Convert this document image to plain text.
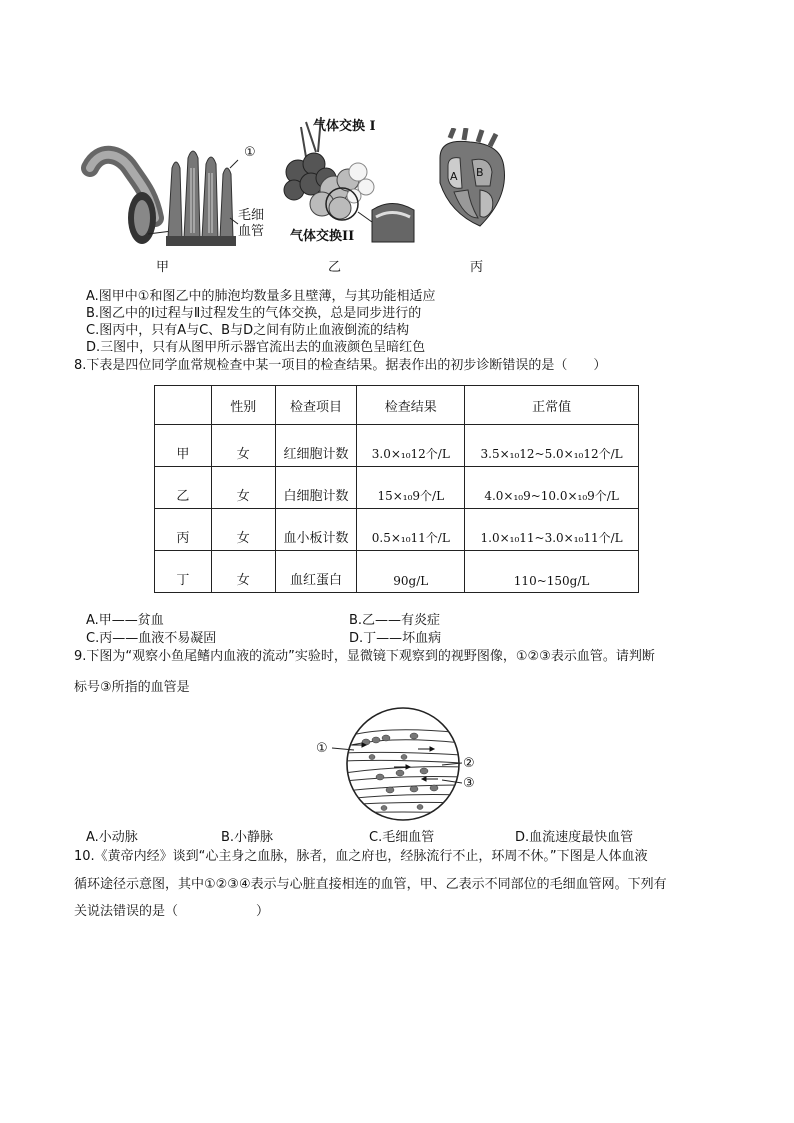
①
毛细
血管
气体交换 I
气体交换II
A B
甲	乙	丙
A.图甲中①和图乙中的肺泡均数量多且壁薄，与其功能相适应
B.图乙中的Ⅰ过程与Ⅱ过程发生的气体交换，总是同步进行的
C.图丙中，只有A与C、B与D之间有防止血液倒流的结构
D.三图中，只有从图甲所示器官流出去的血液颜色呈暗红色
8.下表是四位同学血常规检查中某一项目的检查结果。据表作出的初步诊断错误的是（　　）
	性别	检查项目	检查结果	正常值
甲	女	红细胞计数	3.0×₁₀12个/L	3.5×₁₀12~5.0×₁₀12个/L
乙	女	白细胞计数	15×₁₀9个/L	4.0×₁₀9~10.0×₁₀9个/L
丙	女	血小板计数	0.5×₁₀11个/L	1.0×₁₀11~3.0×₁₀11个/L
丁	女	血红蛋白	90g/L	110~150g/L
A.甲——贫血	B.乙——有炎症
C.丙——血液不易凝固	D.丁——坏血病
9.下图为“观察小鱼尾鳍内血液的流动”实验时，显微镜下观察到的视野图像，①②③表示血管。请判断
标号③所指的血管是
①
②
③
A.小动脉	B.小静脉	C.毛细血管	D.血流速度最快血管
10.《黄帝内经》谈到“心主身之血脉，脉者，血之府也，经脉流行不止，环周不休。”下图是人体血液
循环途径示意图，其中①②③④表示与心脏直接相连的血管，甲、乙表示不同部位的毛细血管网。下列有
关说法错误的是（　　　　　　）
